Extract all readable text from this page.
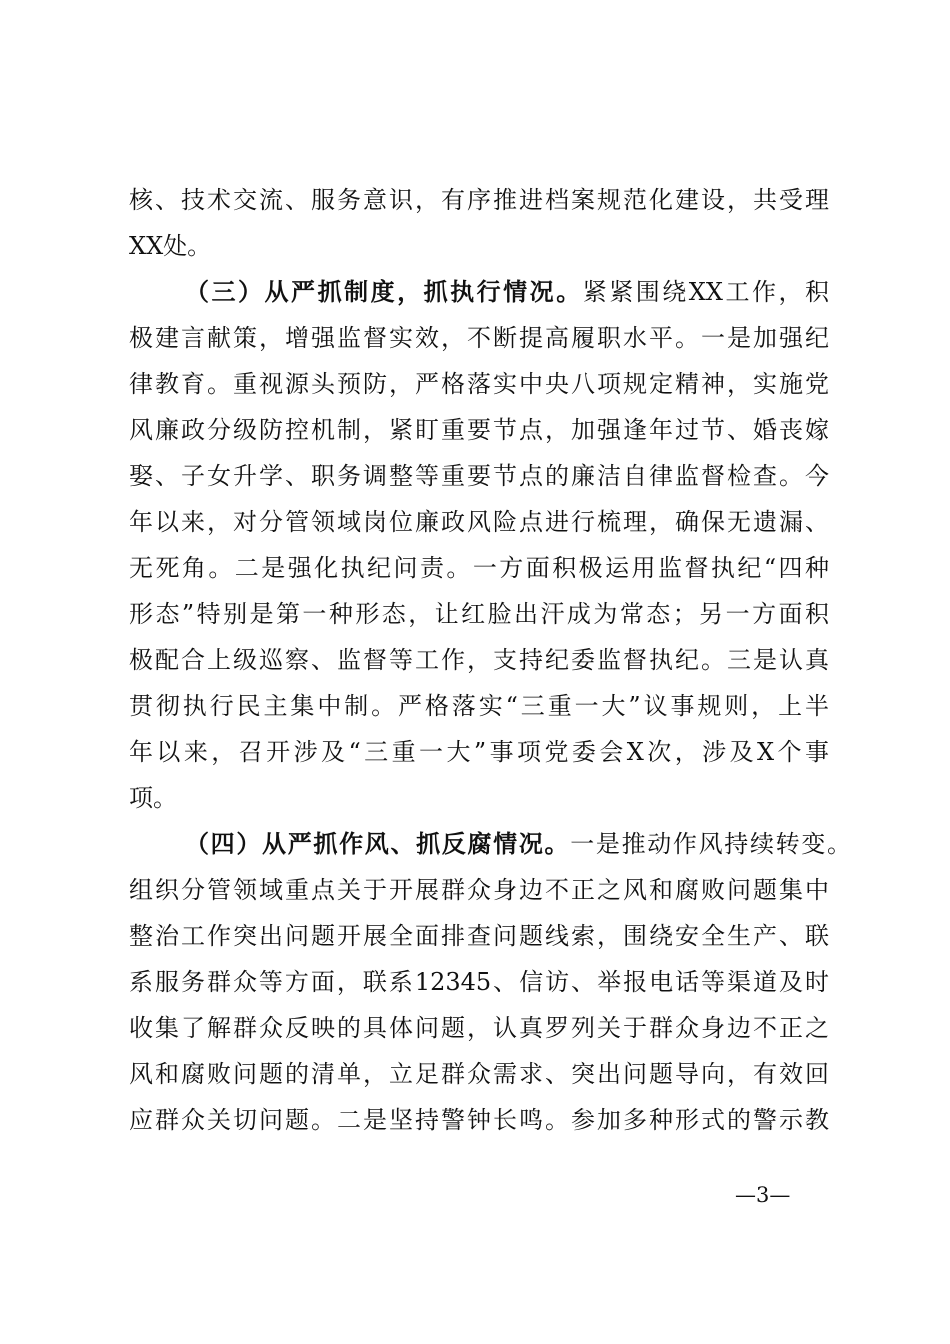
核、技术交流、服务意识，有序推进档案规范化建设，共受理
XX处。
（三）从严抓制度，抓执行情况。紧紧围绕XX工作，积
极建言献策，增强监督实效，不断提高履职水平。一是加强纪
律教育。重视源头预防，严格落实中央八项规定精神，实施党
风廉政分级防控机制，紧盯重要节点，加强逢年过节、婚丧嫁
娶、子女升学、职务调整等重要节点的廉洁自律监督检查。今
年以来，对分管领域岗位廉政风险点进行梳理，确保无遗漏、
无死角。二是强化执纪问责。一方面积极运用监督执纪“四种
形态”特别是第一种形态，让红脸出汗成为常态；另一方面积
极配合上级巡察、监督等工作，支持纪委监督执纪。三是认真
贯彻执行民主集中制。严格落实“三重一大”议事规则，上半
年以来，召开涉及“三重一大”事项党委会X次，涉及X个事
项。
（四）从严抓作风、抓反腐情况。一是推动作风持续转变。
组织分管领域重点关于开展群众身边不正之风和腐败问题集中
整治工作突出问题开展全面排查问题线索，围绕安全生产、联
系服务群众等方面，联系12345、信访、举报电话等渠道及时
收集了解群众反映的具体问题，认真罗列关于群众身边不正之
风和腐败问题的清单，立足群众需求、突出问题导向，有效回
应群众关切问题。二是坚持警钟长鸣。参加多种形式的警示教
—3—
